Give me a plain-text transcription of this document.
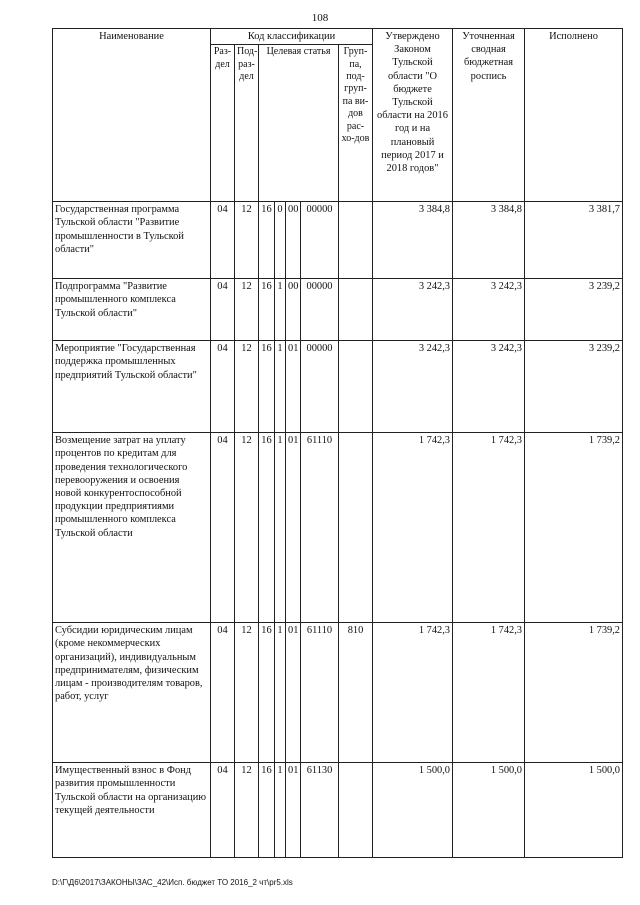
108
Наименование	Код классификации							Утверждено Законом Тульской области "О бюджете Тульской области на 2016 год и на плановый период 2017 и 2018 годов"	Уточненная сводная бюджетная роспись	Исполнено
	Раз-дел	Под-раз-дел	Целевая статья				Груп-па, под-груп-па ви-дов рас-хо-дов			
Государственная программа Тульской области "Развитие промышленности в Тульской области"	04	12	16	0	00	00000		3 384,8	3 384,8	3 381,7
Подпрограмма "Развитие промышленного комплекса Тульской области"	04	12	16	1	00	00000		3 242,3	3 242,3	3 239,2
Мероприятие "Государственная поддержка промышленных предприятий Тульской области"	04	12	16	1	01	00000		3 242,3	3 242,3	3 239,2
Возмещение затрат на уплату процентов по кредитам для проведения технологического перевооружения и освоения новой конкурентоспособной продукции предприятиями промышленного комплекса Тульской области	04	12	16	1	01	61110		1 742,3	1 742,3	1 739,2
Субсидии юридическим лицам (кроме некоммерческих организаций), индивидуальным предпринимателям, физическим лицам - производителям товаров, работ, услуг	04	12	16	1	01	61110	810	1 742,3	1 742,3	1 739,2
Имущественный взнос в Фонд развития промышленности Тульской области на организацию текущей деятельности	04	12	16	1	01	61130		1 500,0	1 500,0	1 500,0
D:\Г\Д6\2017\ЗАКОНЫ\ЗАС_42\Исп. бюджет ТО 2016_2 чт\pr5.xls
